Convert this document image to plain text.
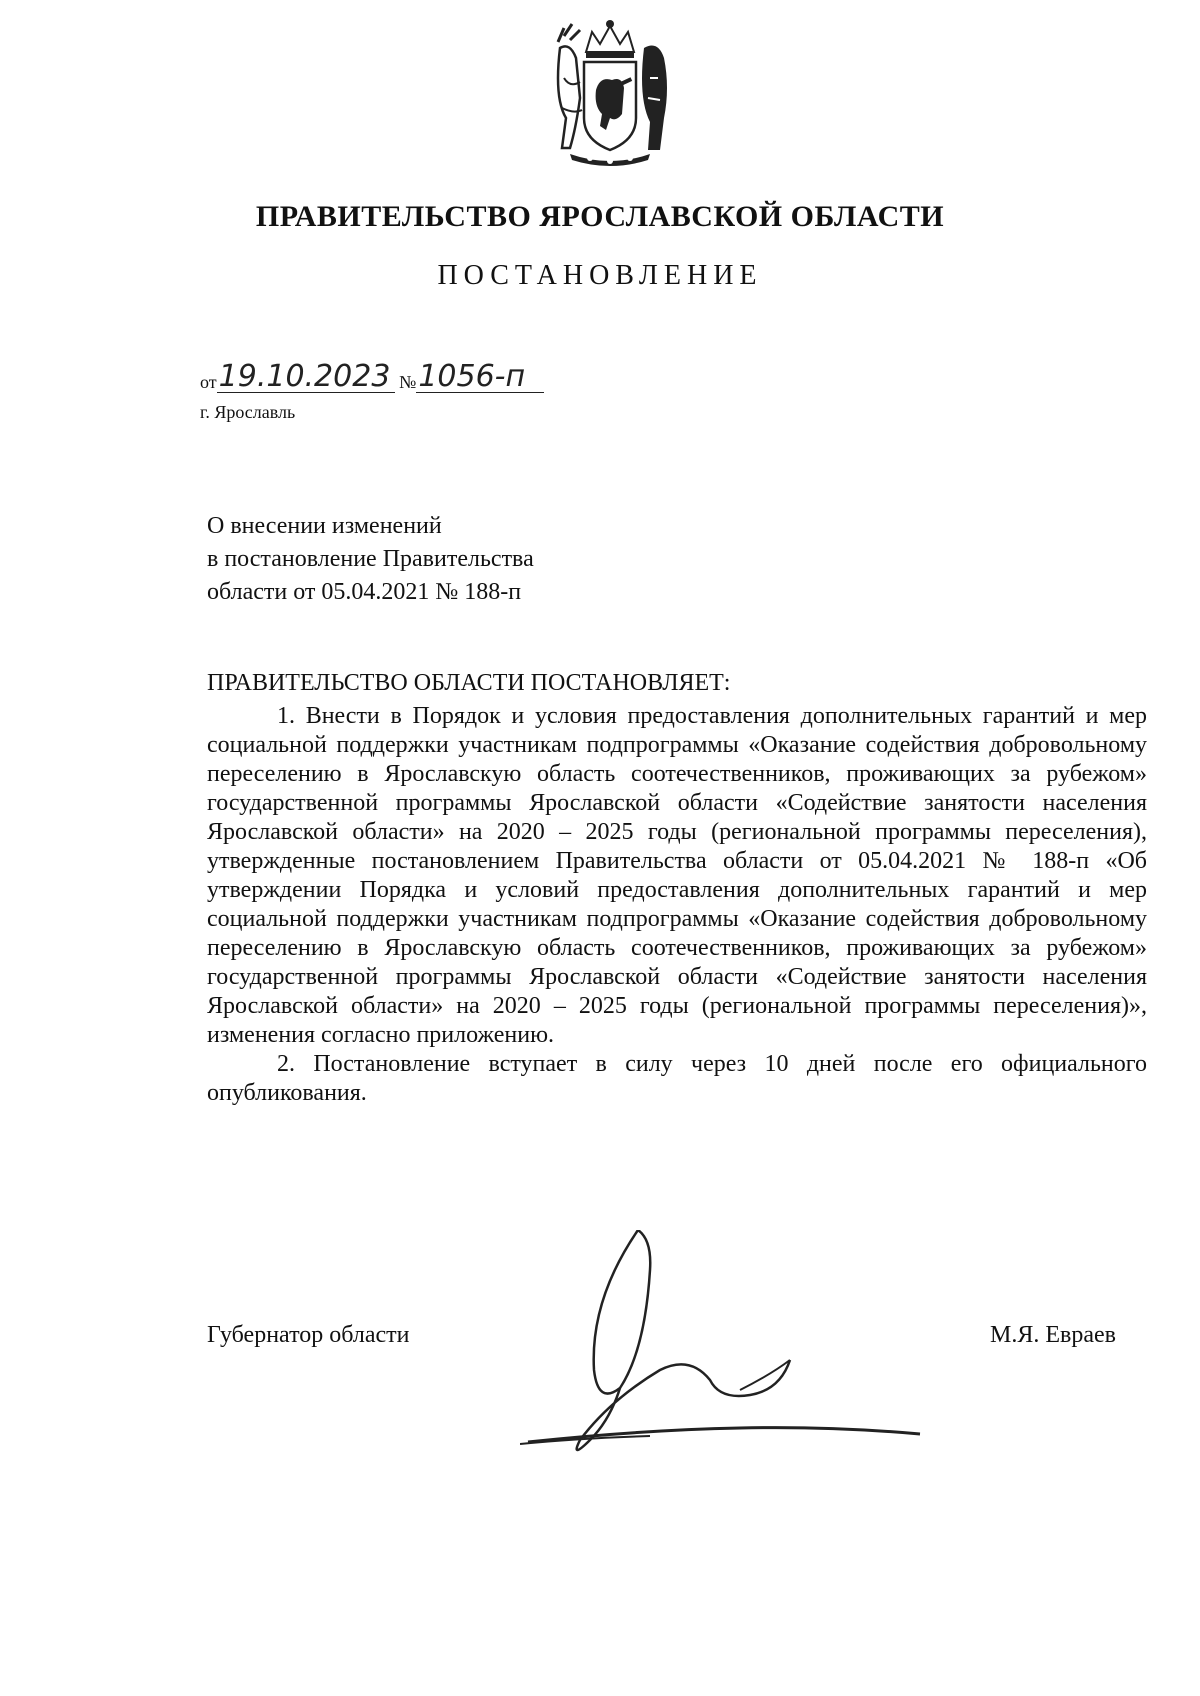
ПРАВИТЕЛЬСТВО ЯРОСЛАВСКОЙ ОБЛАСТИ
ПОСТАНОВЛЕНИЕ
от19.10.2023 №1056-п
г. Ярославль
О внесении изменений
в постановление Правительства
области от 05.04.2021 № 188-п
ПРАВИТЕЛЬСТВО ОБЛАСТИ ПОСТАНОВЛЯЕТ:

1. Внести в Порядок и условия предоставления дополнительных гарантий и мер социальной поддержки участникам подпрограммы «Оказание содействия добровольному переселению в Ярославскую область соотечественников, проживающих за рубежом» государственной программы Ярославской области «Содействие занятости населения Ярославской области» на 2020 – 2025 годы (региональной программы переселения), утвержденные постановлением Правительства области от 05.04.2021 № 188-п «Об утверждении Порядка и условий предоставления дополнительных гарантий и мер социальной поддержки участникам подпрограммы «Оказание содействия добровольному переселению в Ярославскую область соотечественников, проживающих за рубежом» государственной программы Ярославской области «Содействие занятости населения Ярославской области» на 2020 – 2025 годы (региональной программы переселения)», изменения согласно приложению.

2. Постановление вступает в силу через 10 дней после его официального опубликования.

Губернатор области	М.Я. Евраев
